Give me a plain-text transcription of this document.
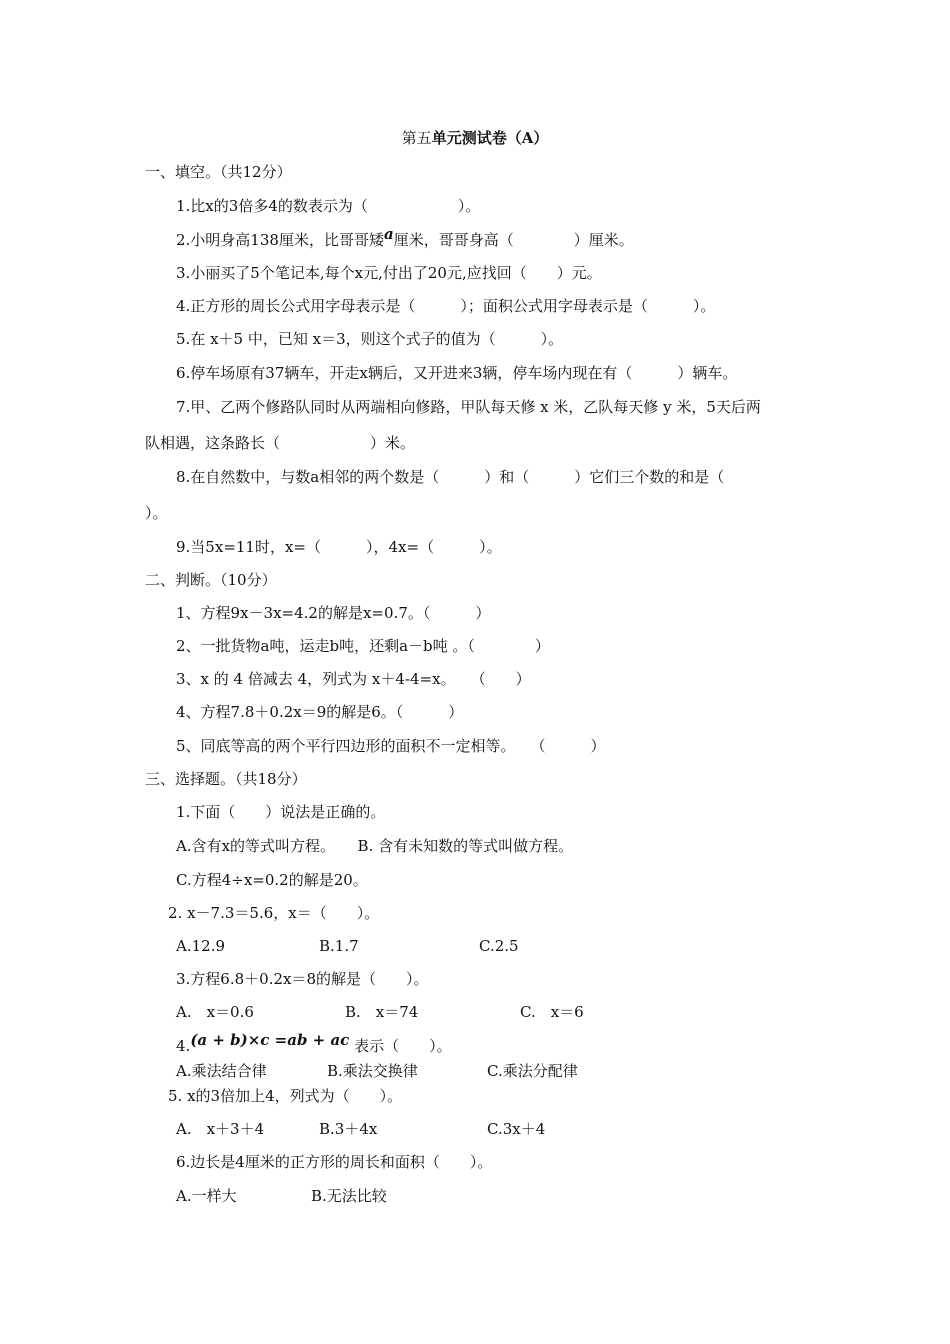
第五单元测试卷（A）
一、填空。（共12分）
1.比x的3倍多4的数表示为（　　　　　　）。
2.小明身高138厘米，比哥哥矮a厘米，哥哥身高（　　　　）厘米。
3.小丽买了5个笔记本,每个x元,付出了20元,应找回（　　）元。
4.正方形的周长公式用字母表示是（　　　）；面积公式用字母表示是（　　　）。
5.在 x＋5 中，已知 x＝3，则这个式子的值为（　　　）。
6.停车场原有37辆车，开走x辆后，又开进来3辆，停车场内现在有（　　　）辆车。
7.甲、乙两个修路队同时从两端相向修路，甲队每天修 x 米，乙队每天修 y 米，5天后两
队相遇，这条路长（　　　　　　）米。
8.在自然数中，与数a相邻的两个数是（　　　）和（　　　）它们三个数的和是（
）。
9.当5x=11时，x=（　　　），4x=（　　　）。
二、判断。（10分）
1、方程9x－3x=4.2的解是x=0.7。（　　　）
2、一批货物a吨，运走b吨，还剩a－b吨 。（　　　　）
3、x 的 4 倍减去 4，列式为 x＋4-4=x。　　（　　）
4、方程7.8＋0.2x＝9的解是6。（　　　）
5、同底等高的两个平行四边形的面积不一定相等。　　（　　　）
三、选择题。（共18分）
1.下面（　　）说法是正确的。
A.含有x的等式叫方程。　　B. 含有未知数的等式叫做方程。
C.方程4÷x=0.2的解是20。
2. x－7.3＝5.6，x＝（　　）。
A.12.9	B.1.7	C.2.5
3.方程6.8＋0.2x＝8的解是（　　）。
A.　x＝0.6	B.　x＝74	C.　x＝6
4.(a + b)×c =ab + ac 表示（　　）。
A.乘法结合律	B.乘法交换律	C.乘法分配律
5. x的3倍加上4，列式为（　　）。
A.　x＋3＋4	B.3＋4x	C.3x＋4
6.边长是4厘米的正方形的周长和面积（　　）。
A.一样大	B.无法比较
